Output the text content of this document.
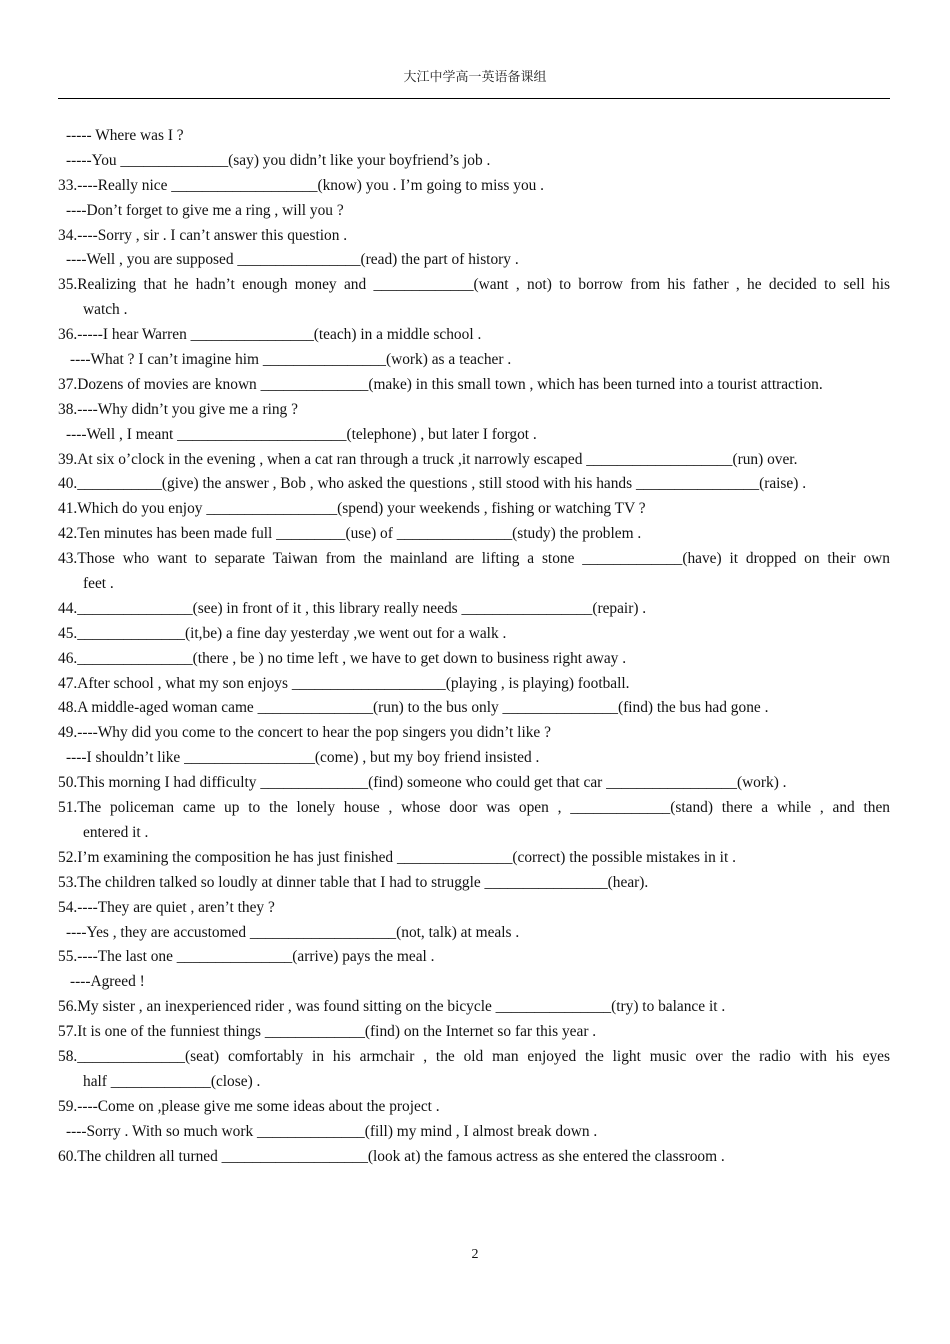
大江中学高一英语备课组
----- Where was I ?
-----You ______________(say) you didn’t like your boyfriend’s job .
33.----Really nice ___________________(know) you . I’m going to miss you .
----Don’t forget to give me a ring , will you ?
34.----Sorry , sir . I can’t answer this question .
----Well , you are supposed ________________(read) the part of history .
35.Realizing that he hadn’t enough money and _____________(want , not) to borrow from his father , he decided to sell his
watch .
36.-----I hear Warren ________________(teach) in a middle school .
----What ? I can’t imagine him ________________(work) as a teacher .
37.Dozens of movies are known ______________(make) in this small town , which has been turned into a tourist attraction.
38.----Why didn’t you give me a ring ?
----Well , I meant ______________________(telephone) , but later I forgot .
39.At six o’clock in the evening , when a cat ran through a truck ,it narrowly escaped ___________________(run) over.
40.___________(give) the answer , Bob , who asked the questions , still stood with his hands ________________(raise) .
41.Which do you enjoy _________________(spend) your weekends , fishing or watching TV ?
42.Ten minutes has been made full _________(use) of _______________(study) the problem .
43.Those who want to separate Taiwan from the mainland are lifting a stone _____________(have) it dropped on their own
feet .
44._______________(see) in front of it , this library really needs _________________(repair) .
45.______________(it,be) a fine day yesterday ,we went out for a walk .
46._______________(there , be ) no time left , we have to get down to business right away .
47.After school , what my son enjoys ____________________(playing , is playing) football.
48.A middle-aged woman came _______________(run) to the bus only _______________(find) the bus had gone .
49.----Why did you come to the concert to hear the pop singers you didn’t like ?
----I shouldn’t like _________________(come) , but my boy friend insisted .
50.This morning I had difficulty ______________(find) someone who could get that car _________________(work) .
51.The policeman came up to the lonely house , whose door was open , _____________(stand) there a while , and then
entered it .
52.I’m examining the composition he has just finished _______________(correct) the possible mistakes in it .
53.The children talked so loudly at dinner table that I had to struggle ________________(hear).
54.----They are quiet , aren’t they ?
----Yes , they are accustomed ___________________(not, talk) at meals .
55.----The last one _______________(arrive) pays the meal .
----Agreed !
56.My sister , an inexperienced rider , was found sitting on the bicycle _______________(try) to balance it .
57.It is one of the funniest things _____________(find) on the Internet so far this year .
58.______________(seat) comfortably in his armchair , the old man enjoyed the light music over the radio with his eyes
half _____________(close) .
59.----Come on ,please give me some ideas about the project .
----Sorry . With so much work ______________(fill) my mind , I almost break down .
60.The children all turned ___________________(look at) the famous actress as she entered the classroom .
2
